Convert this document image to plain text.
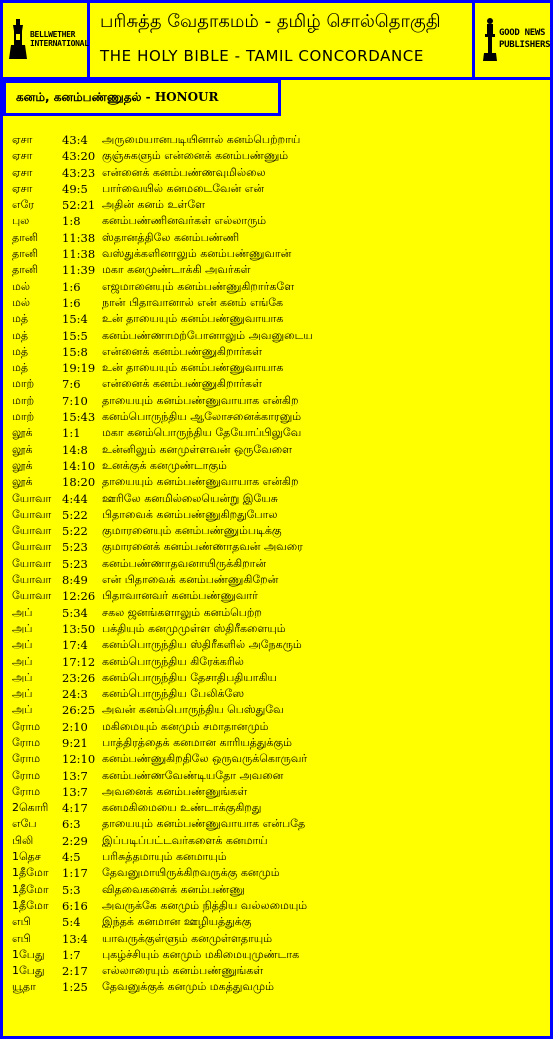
BELLWETHER
INTERNATIONAL
பரிசுத்த வேதாகமம் - தமிழ் சொல்தொகுதி
THE HOLY BIBLE - TAMIL CONCORDANCE
GOOD NEWS
PUBLISHERS
கனம், கனம்பண்ணுதல் - HONOUR
ஏசா	43:4 அருமையானபடியினால் கனம்பெற்றாய்
ஏசா	43:20 குஞ்சுகளும் என்னைக் கனம்பண்ணும்
ஏசா	43:23 என்னைக் கனம்பண்ணவுமில்லை
ஏசா	49:5 பார்வையில் கனமடைவேன் என்
எரே 52:21 அதின் கனம் உள்ளே
புல	1:8 கனம்பண்ணினவர்கள் எல்லாரும்
தானி 11:38 ஸ்தானத்திலே கனம்பண்ணி
தானி 11:38 வஸ்துக்களினாலும் கனம்பண்ணுவான்
தானி 11:39 மகா கனமுண்டாக்கி அவர்கள்
மல்	1:6 எஜமானையும் கனம்பண்ணுகிறார்களே
மல்	1:6 நான் பிதாவானால் என் கனம் எங்கே
மத்	15:4 உன் தாயையும் கனம்பண்ணுவாயாக
மத்	15:5 கனம்பண்ணாமற்போனாலும் அவனுடைய
மத்	15:8 என்னைக் கனம்பண்ணுகிறார்கள்
மத்	19:19 உன் தாயையும் கனம்பண்ணுவாயாக
மாற் 7:6 என்னைக் கனம்பண்ணுகிறார்கள்
மாற் 7:10 தாயையும் கனம்பண்ணுவாயாக என்கிற
மாற் 15:43 கனம்பொருந்திய ஆலோசனைக்காரனும்
லூக்	1:1 மகா கனம்பொருந்திய தேயோப்பிலுவே
லூக்	14:8 உன்னிலும் கனமுள்ளவன் ஒருவேளை
லூக்	14:10 உனக்குக் கனமுண்டாகும்
லூக்	18:20 தாயையும் கனம்பண்ணுவாயாக என்கிற
யோவா 4:44 ஊரிலே கனமில்லையென்று இயேசு
யோவா 5:22 பிதாவைக் கனம்பண்ணுகிறதுபோல
யோவா 5:22 குமாரனையும் கனம்பண்ணும்படிக்கு
யோவா 5:23 குமாரனைக் கனம்பண்ணாதவன் அவரை
யோவா 5:23 கனம்பண்ணாதவனாயிருக்கிறான்
யோவா 8:49 என் பிதாவைக் கனம்பண்ணுகிறேன்
யோவா 12:26 பிதாவானவர் கனம்பண்ணுவார்
அப்	5:34 சகல ஜனங்களாலும் கனம்பெற்ற
அப்	13:50 பக்தியும் கனமுமுள்ள ஸ்திரீகளையும்
அப்	17:4 கனம்பொருந்திய ஸ்திரீகளில் அநேகரும்
அப்	17:12 கனம்பொருந்திய கிரேக்கரில்
அப்	23:26 கனம்பொருந்திய தேசாதிபதியாகிய
அப்	24:3 கனம்பொருந்திய பேலிக்ஸே
அப்	26:25 அவன் கனம்பொருந்திய பெஸ்துவே
ரோம 2:10 மகிமையும் கனமும் சமாதானமும்
ரோம 9:21 பாத்திரத்தைக் கனமான காரியத்துக்கும்
ரோம 12:10 கனம்பண்ணுகிறதிலே ஒருவருக்கொருவர்
ரோம 13:7 கனம்பண்ணவேண்டியதோ அவனை
ரோம 13:7 அவனைக் கனம்பண்ணுங்கள்
2கொரி 4:17 கனமகிமையை உண்டாக்குகிறது
எபே 6:3 தாயையும் கனம்பண்ணுவாயாக என்பதே
பிலி	2:29 இப்படிப்பட்டவர்களைக் கனமாய்
1தெச 4:5 பரிசுத்தமாயும் கனமாயும்
1தீமோ 1:17 தேவனுமாயிருக்கிறவருக்கு கனமும்
1தீமோ 5:3 விதவைகளைக் கனம்பண்ணு
1தீமோ 6:16 அவருக்கே கனமும் நித்திய வல்லமையும்
எபி	5:4 இந்தக் கனமான ஊழியத்துக்கு
எபி	13:4 யாவருக்குள்ளும் கனமுள்ளதாயும்
1பேது 1:7 புகழ்ச்சியும் கனமும் மகிமையுமுண்டாக
1பேது 2:17 எல்லாரையும் கனம்பண்ணுங்கள்
யூதா 1:25 தேவனுக்குக் கனமும் மகத்துவமும்
